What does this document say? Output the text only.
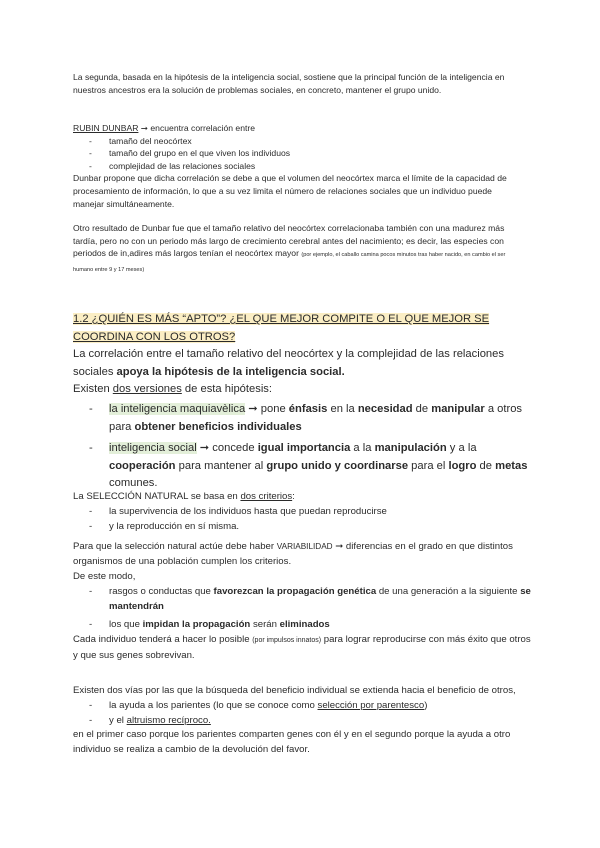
La segunda, basada en la hipótesis de la inteligencia social, sostiene que la principal función de la inteligencia en nuestros ancestros era la solución de problemas sociales, en concreto, mantener el grupo unido.
RUBIN DUNBAR ➞ encuentra correlación entre
- tamaño del neocórtex
- tamaño del grupo en el que viven los individuos
- complejidad de las relaciones sociales
Dunbar propone que dicha correlación se debe a que el volumen del neocórtex marca el límite de la capacidad de procesamiento de información, lo que a su vez limita el número de relaciones sociales que un individuo puede manejar simultáneamente.
Otro resultado de Dunbar fue que el tamaño relativo del neocórtex correlacionaba también con una madurez más tardía, pero no con un periodo más largo de crecimiento cerebral antes del nacimiento; es decir, las especies con periodos de in,adires más largos tenían el neocórtex mayor (por ejemplo, el caballo camina pocos minutos tras haber nacido, en cambio el ser humano entre 9 y 17 meses)
1.2 ¿QUIÉN ES MÁS “APTO”? ¿EL QUE MEJOR COMPITE O EL QUE MEJOR SE COORDINA CON LOS OTROS?
La correlación entre el tamaño relativo del neocórtex y la complejidad de las relaciones sociales apoya la hipótesis de la inteligencia social.
Existen dos versiones de esta hipótesis:
- la inteligencia maquiavèlica ➞ pone énfasis en la necesidad de manipular a otros para obtener beneficios individuales
- inteligencia social ➞ concede igual importancia a la manipulación y a la cooperación para mantener al grupo unido y coordinarse para el logro de metas comunes.
La SELECCIÓN NATURAL se basa en dos criterios:
- la supervivencia de los individuos hasta que puedan reproducirse
- y la reproducción en sí misma.
Para que la selección natural actúe debe haber VARIABILIDAD ➞ diferencias en el grado en que distintos organismos de una población cumplen los criterios.
De este modo,
- rasgos o conductas que favorezcan la propagación genética de una generación a la siguiente se mantendrán
- los que impidan la propagación serán eliminados
Cada individuo tenderá a hacer lo posible (por impulsos innatos) para lograr reproducirse con más éxito que otros y que sus genes sobrevivan.
Existen dos vías por las que la búsqueda del beneficio individual se extienda hacia el beneficio de otros,
- la ayuda a los parientes (lo que se conoce como selección por parentesco)
- y el altruismo recíproco.
en el primer caso porque los parientes comparten genes con él y en el segundo porque la ayuda a otro individuo se realiza a cambio de la devolución del favor.
